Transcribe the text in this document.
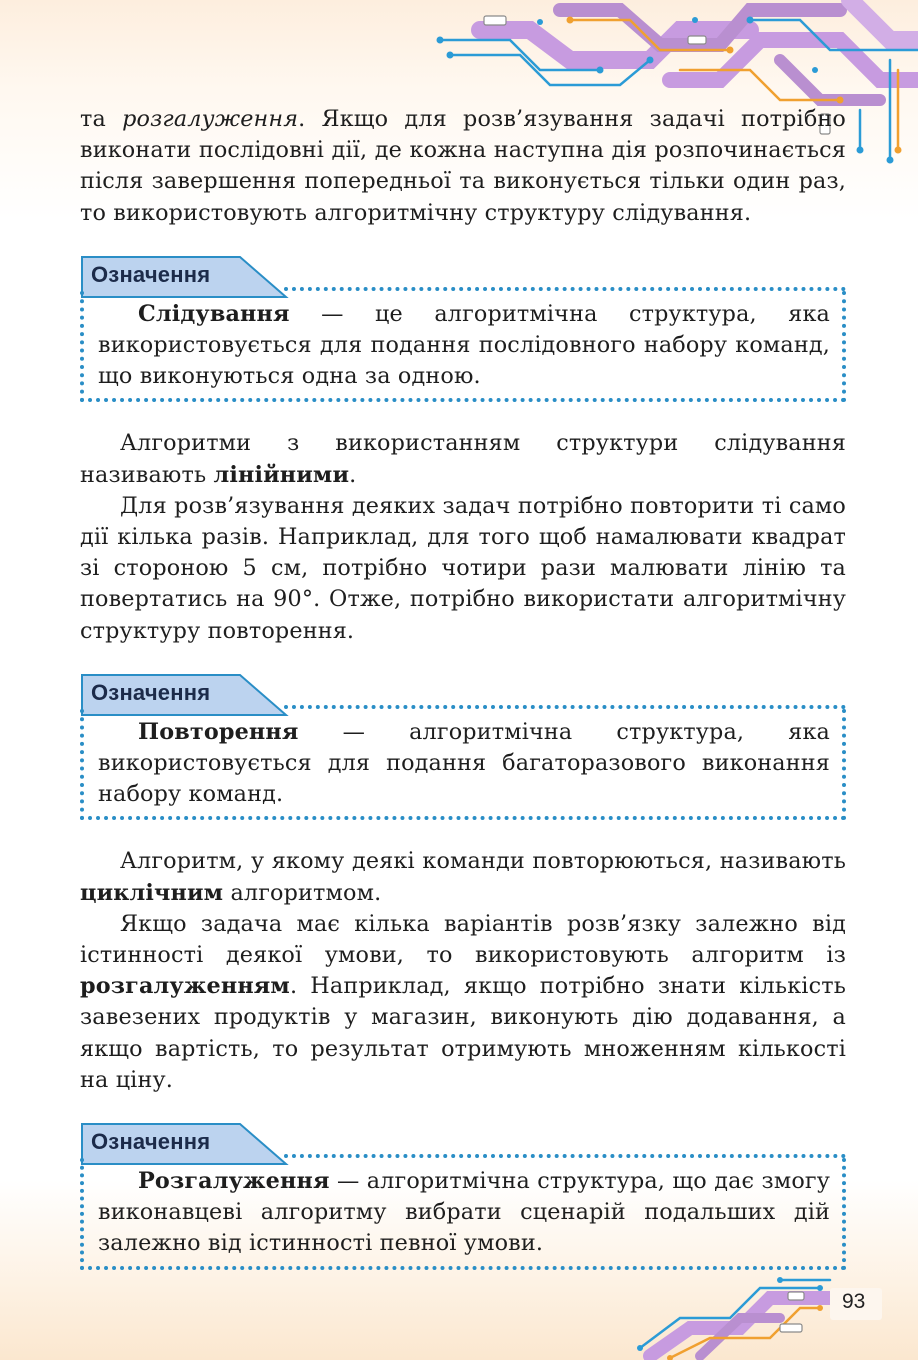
та розгалуження. Якщо для розв’язування задачі потрібно виконати послідовні дії, де кожна наступна дія розпочинається після завершення попередньої та виконується тільки один раз, то використовують алгоритмічну структуру слідування.

Означення

Слідування — це алгоритмічна структура, яка використовується для подання послідовного набору команд, що виконуються одна за одною.

Алгоритми з використанням структури слідування називають лінійними.

Для розв’язування деяких задач потрібно повторити ті само дії кілька разів. Наприклад, для того щоб намалювати квадрат зі стороною 5 см, потрібно чотири рази малювати лінію та повертатись на 90°. Отже, потрібно використати алгоритмічну структуру повторення.

Означення

Повторення — алгоритмічна структура, яка використовується для подання багаторазового виконання набору команд.

Алгоритм, у якому деякі команди повторюються, називають циклічним алгоритмом.

Якщо задача має кілька варіантів розв’язку залежно від істинності деякої умови, то використовують алгоритм із розгалуженням. Наприклад, якщо потрібно знати кількість завезених продуктів у магазин, виконують дію додавання, а якщо вартість, то результат отримують множенням кількості на ціну.

Означення

Розгалуження — алгоритмічна структура, що дає змогу виконавцеві алгоритму вибрати сценарій подальших дій залежно від істинності певної умови.

93
